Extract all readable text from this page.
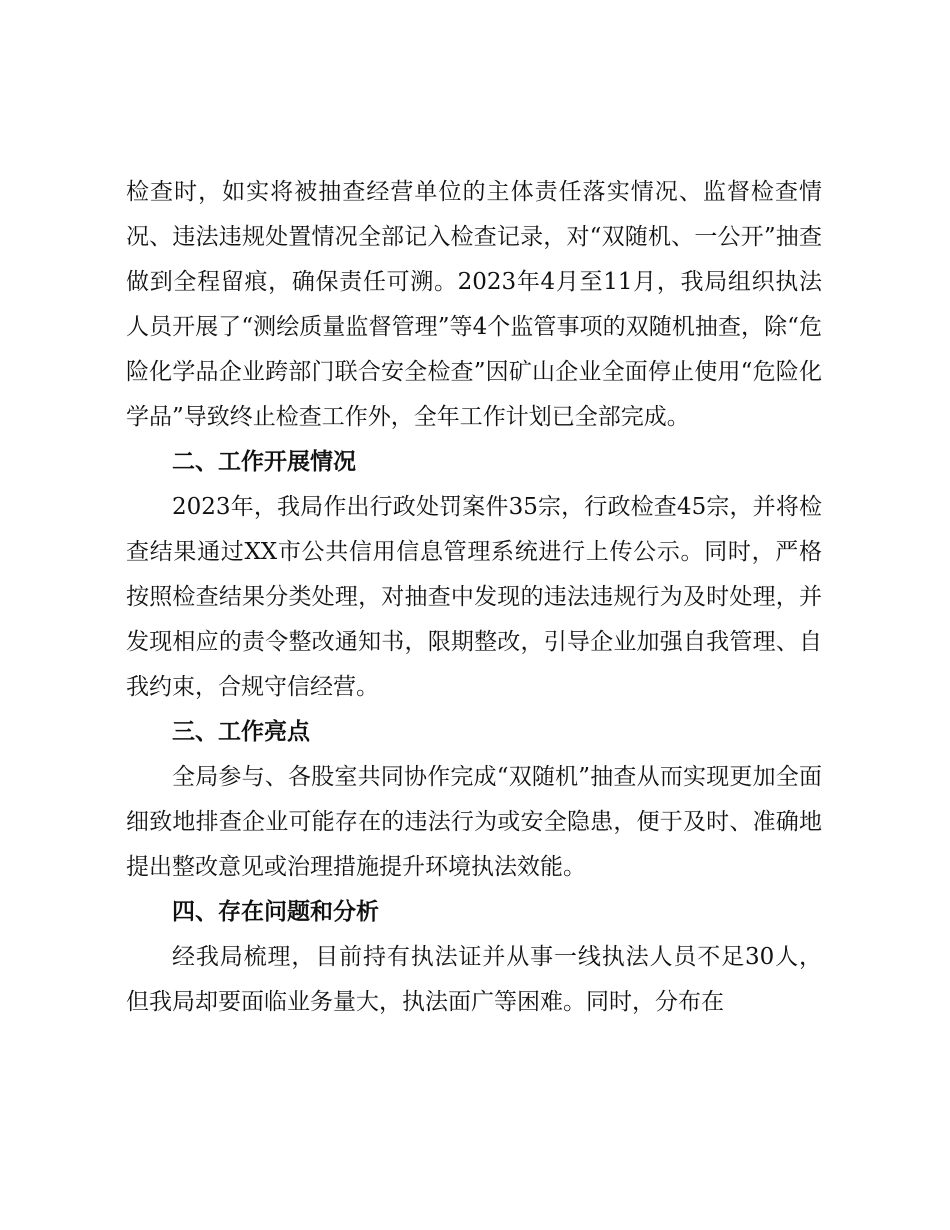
检查时，如实将被抽查经营单位的主体责任落实情况、监督检查情况、违法违规处置情况全部记入检查记录，对“双随机、一公开”抽查做到全程留痕，确保责任可溯。2023年4月至11月，我局组织执法人员开展了“测绘质量监督管理”等4个监管事项的双随机抽查，除“危险化学品企业跨部门联合安全检查”因矿山企业全面停止使用“危险化学品”导致终止检查工作外，全年工作计划已全部完成。

二、工作开展情况

2023年，我局作出行政处罚案件35宗，行政检查45宗，并将检查结果通过XX市公共信用信息管理系统进行上传公示。同时，严格按照检查结果分类处理，对抽查中发现的违法违规行为及时处理，并发现相应的责令整改通知书，限期整改，引导企业加强自我管理、自我约束，合规守信经营。

三、工作亮点

全局参与、各股室共同协作完成“双随机”抽查从而实现更加全面细致地排查企业可能存在的违法行为或安全隐患，便于及时、准确地提出整改意见或治理措施提升环境执法效能。

四、存在问题和分析

经我局梳理，目前持有执法证并从事一线执法人员不足30人，但我局却要面临业务量大，执法面广等困难。同时，分布在
